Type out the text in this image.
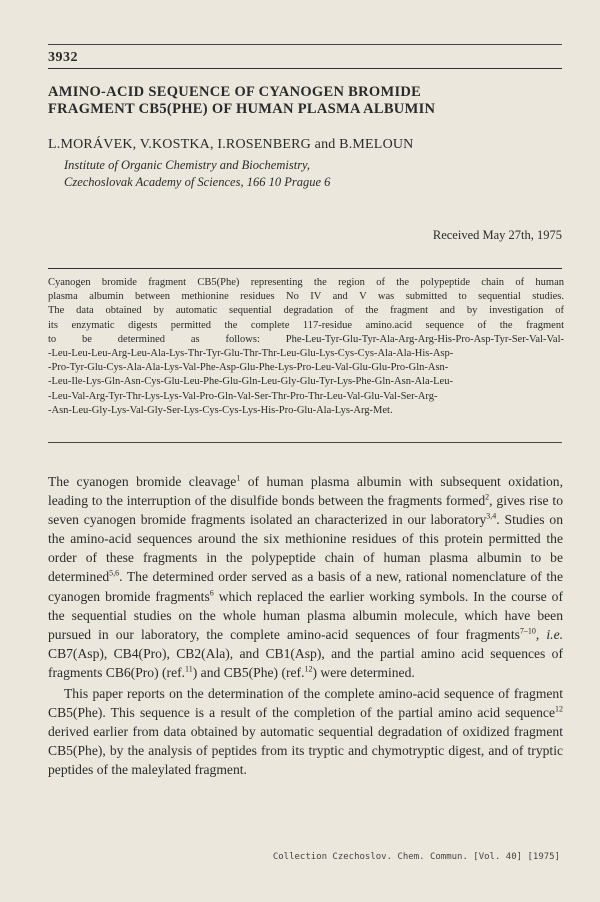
3932
AMINO-ACID SEQUENCE OF CYANOGEN BROMIDE
FRAGMENT CB5(PHE) OF HUMAN PLASMA ALBUMIN
L.MORÁVEK, V.KOSTKA, I.ROSENBERG and B.MELOUN
Institute of Organic Chemistry and Biochemistry,
Czechoslovak Academy of Sciences, 166 10 Prague 6
Received May 27th, 1975
Cyanogen bromide fragment CB5(Phe) representing the region of the polypeptide chain of human
plasma albumin between methionine residues No IV and V was submitted to sequential studies.
The data obtained by automatic sequential degradation of the fragment and by investigation of
its enzymatic digests permitted the complete 117-residue amino.acid sequence of the fragment
to be determined as follows: Phe-Leu-Tyr-Glu-Tyr-Ala-Arg-Arg-His-Pro-Asp-Tyr-Ser-Val-Val-
-Leu-Leu-Leu-Arg-Leu-Ala-Lys-Thr-Tyr-Glu-Thr-Thr-Leu-Glu-Lys-Cys-Cys-Ala-Ala-His-Asp-
-Pro-Tyr-Glu-Cys-Ala-Ala-Lys-Val-Phe-Asp-Glu-Phe-Lys-Pro-Leu-Val-Glu-Glu-Pro-Gln-Asn-
-Leu-Ile-Lys-Gln-Asn-Cys-Glu-Leu-Phe-Glu-Gln-Leu-Gly-Glu-Tyr-Lys-Phe-Gln-Asn-Ala-Leu-
-Leu-Val-Arg-Tyr-Thr-Lys-Lys-Val-Pro-Gln-Val-Ser-Thr-Pro-Thr-Leu-Val-Glu-Val-Ser-Arg-
-Asn-Leu-Gly-Lys-Val-Gly-Ser-Lys-Cys-Cys-Lys-His-Pro-Glu-Ala-Lys-Arg-Met.

The cyanogen bromide cleavage$^1$ of human plasma albumin with subsequent oxidation, leading to the interruption of the disulfide bonds between the fragments formed$^2$, gives rise to seven cyanogen bromide fragments isolated an characterized in our laboratory$^{3,4}$. Studies on the amino-acid sequences around the six methionine residues of this protein permitted the order of these fragments in the polypeptide chain of human plasma albumin to be determined$^{5,6}$. The determined order served as a basis of a new, rational nomenclature of the cyanogen bromide fragments$^6$ which replaced the earlier working symbols. In the course of the sequential studies on the whole human plasma albumin molecule, which have been pursued in our laboratory, the complete amino-acid sequences of four fragments$^{7-10}$, i.e. CB7(Asp), CB4(Pro), CB2(Ala), and CB1(Asp), and the partial amino acid sequences of fragments CB6(Pro) (ref.$^{11}$) and CB5(Phe) (ref.$^{12}$) were determined.

This paper reports on the determination of the complete amino-acid sequence of fragment CB5(Phe). This sequence is a result of the completion of the partial amino acid sequence$^{12}$ derived earlier from data obtained by automatic sequential degradation of oxidized fragment CB5(Phe), by the analysis of peptides from its tryptic and chymotryptic digest, and of tryptic peptides of the maleylated fragment.

Collection Czechoslov. Chem. Commun. [Vol. 40] [1975]
